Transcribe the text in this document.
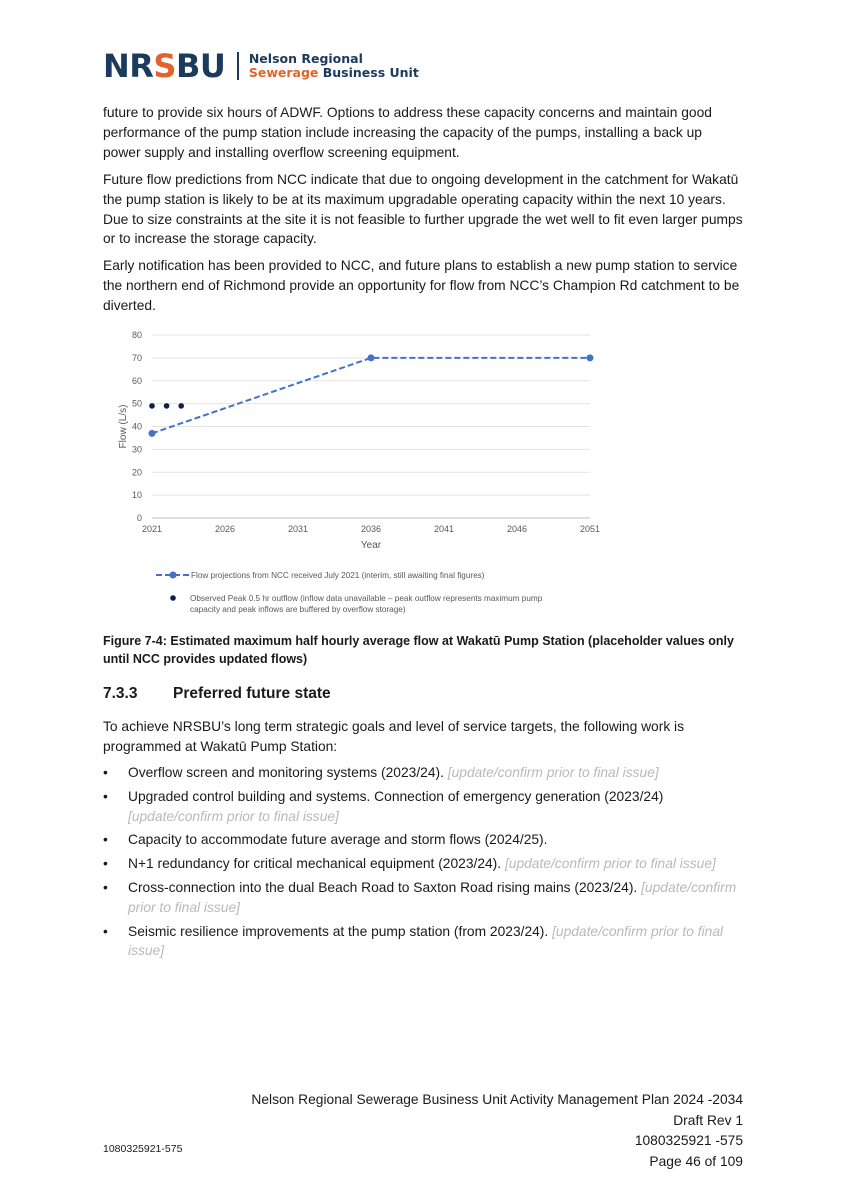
NRSBU Nelson Regional
Sewerage Business Unit

future to provide six hours of ADWF. Options to address these capacity concerns and maintain good performance of the pump station include increasing the capacity of the pumps, installing a back up power supply and installing overflow screening equipment.

Future flow predictions from NCC indicate that due to ongoing development in the catchment for Wakatū the pump station is likely to be at its maximum upgradable operating capacity within the next 10 years. Due to size constraints at the site it is not feasible to further upgrade the wet well to fit even larger pumps or to increase the storage capacity.

Early notification has been provided to NCC, and future plans to establish a new pump station to service the northern end of Richmond provide an opportunity for flow from NCC’s Champion Rd catchment to be diverted.

0
10
20
30
40
50
60
70
80
2021	2026	2031	2036	2041	2046	2051
Year
Flow (L/s)
Flow projections from NCC received July 2021 (interim, still awaiting final figures)
Observed Peak 0.5 hr outflow (inflow data unavailable – peak outflow represents maximum pump capacity and peak inflows are buffered by overflow storage)

Figure 7-4: Estimated maximum half hourly average flow at Wakatū Pump Station (placeholder values only until NCC provides updated flows)

7.3.3 Preferred future state

To achieve NRSBU’s long term strategic goals and level of service targets, the following work is programmed at Wakatū Pump Station:

• Overflow screen and monitoring systems (2023/24). [update/confirm prior to final issue]
• Upgraded control building and systems. Connection of emergency generation (2023/24) [update/confirm prior to final issue]
• Capacity to accommodate future average and storm flows (2024/25).
• N+1 redundancy for critical mechanical equipment (2023/24). [update/confirm prior to final issue]
• Cross-connection into the dual Beach Road to Saxton Road rising mains (2023/24). [update/confirm prior to final issue]
• Seismic resilience improvements at the pump station (from 2023/24). [update/confirm prior to final issue]
Nelson Regional Sewerage Business Unit Activity Management Plan 2024 -2034
Draft Rev 1
1080325921 -575
Page 46 of 109
1080325921-575
